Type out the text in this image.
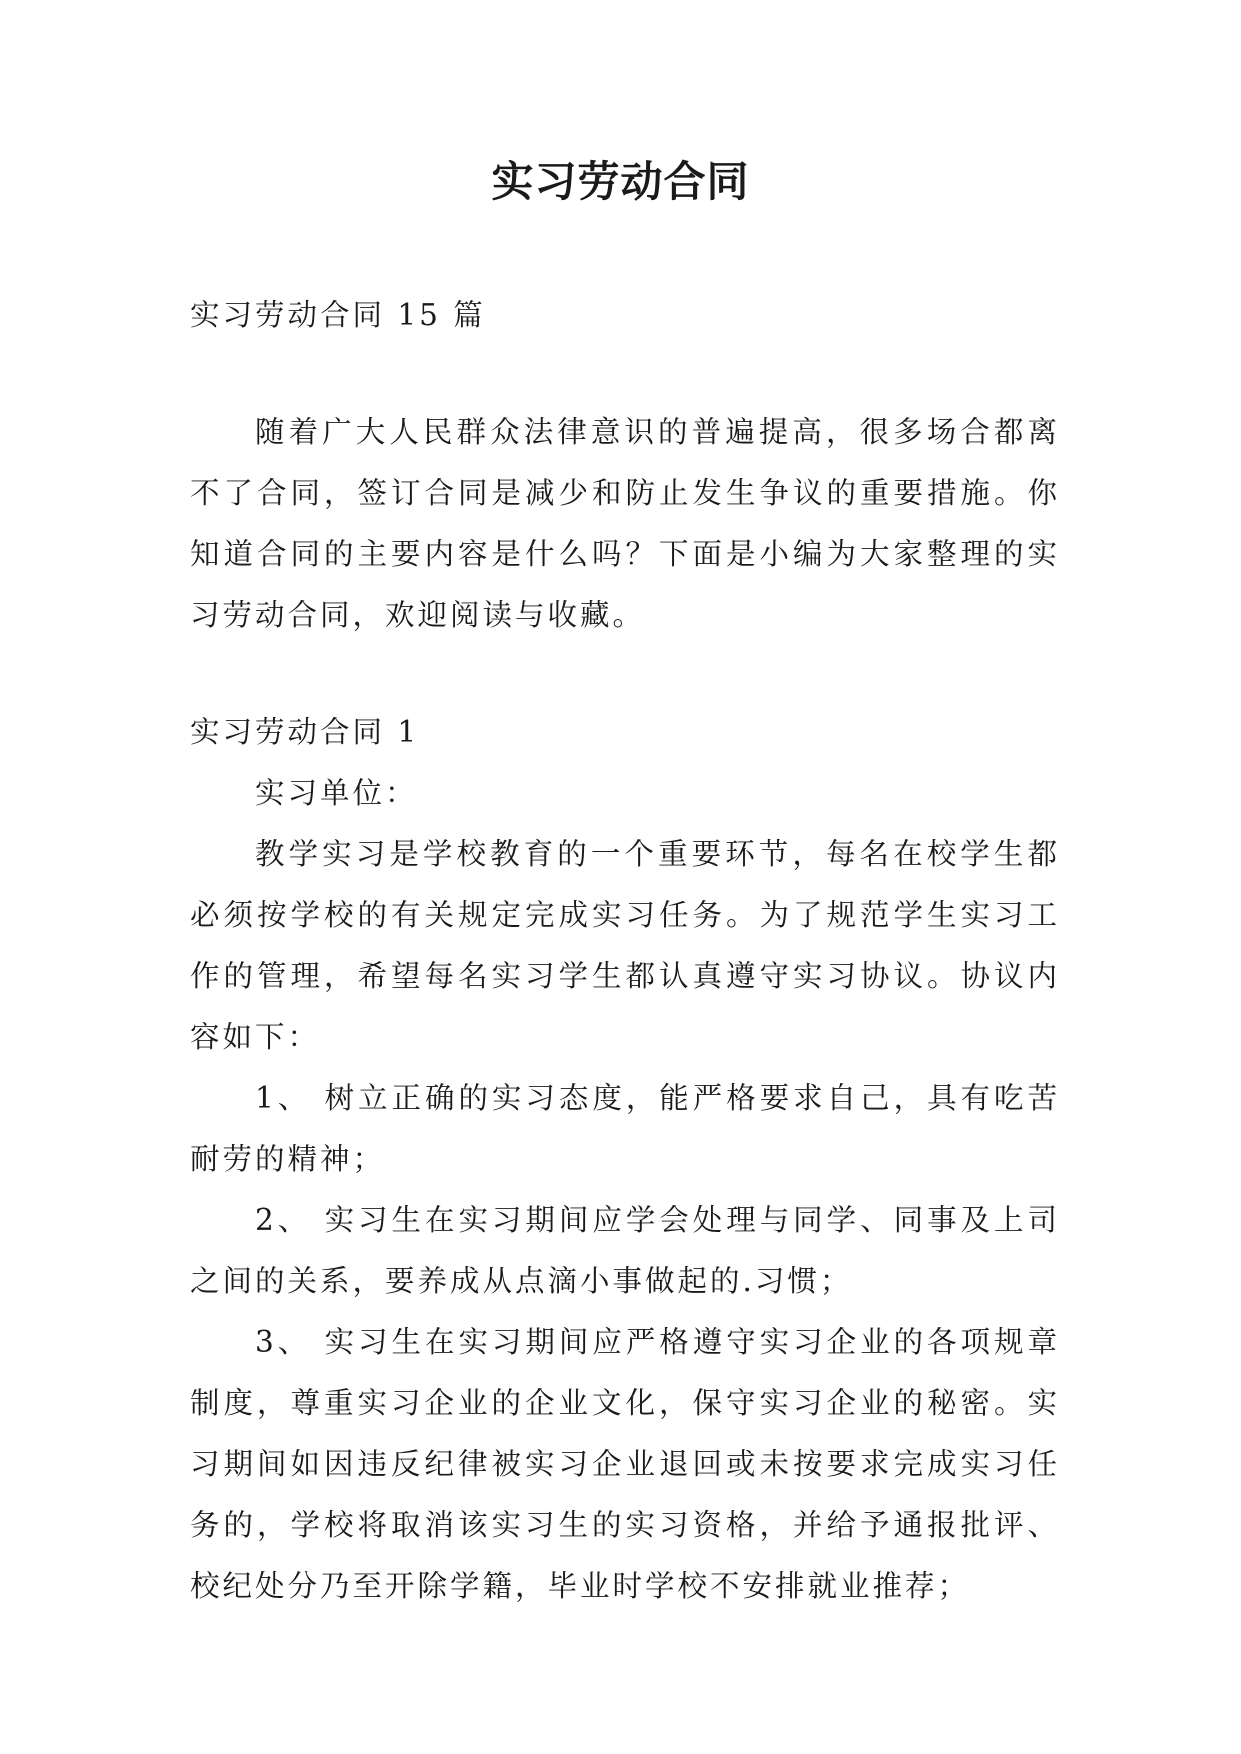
实习劳动合同

实习劳动合同 15 篇

随着广大人民群众法律意识的普遍提高，很多场合都离不了合同，签订合同是减少和防止发生争议的重要措施。你知道合同的主要内容是什么吗？下面是小编为大家整理的实习劳动合同，欢迎阅读与收藏。

实习劳动合同 1

实习单位：

教学实习是学校教育的一个重要环节，每名在校学生都必须按学校的有关规定完成实习任务。为了规范学生实习工作的管理，希望每名实习学生都认真遵守实习协议。协议内容如下：

1、 树立正确的实习态度，能严格要求自己，具有吃苦耐劳的精神；

2、 实习生在实习期间应学会处理与同学、同事及上司之间的关系，要养成从点滴小事做起的.习惯；

3、 实习生在实习期间应严格遵守实习企业的各项规章制度，尊重实习企业的企业文化，保守实习企业的秘密。实习期间如因违反纪律被实习企业退回或未按要求完成实习任务的，学校将取消该实习生的实习资格，并给予通报批评、校纪处分乃至开除学籍，毕业时学校不安排就业推荐；
